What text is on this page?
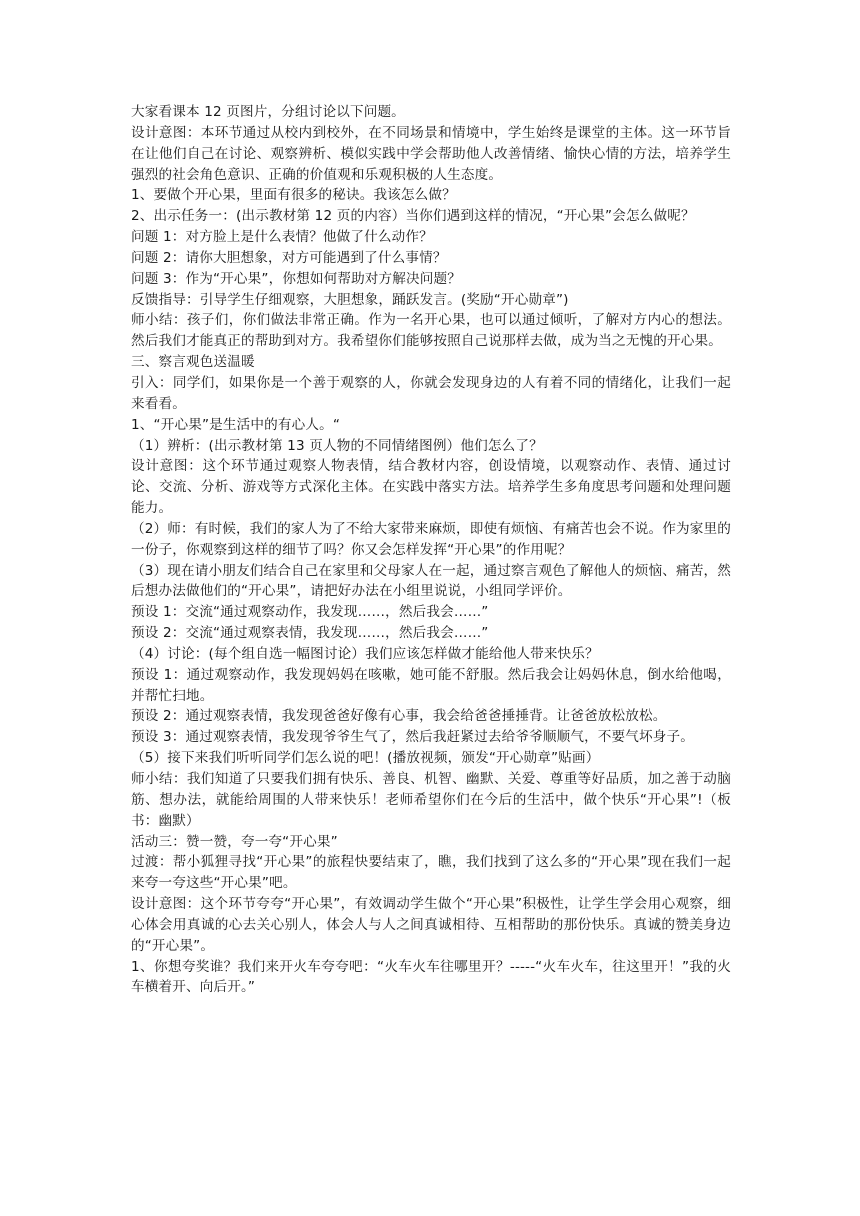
大家看课本 12 页图片，分组讨论以下问题。

设计意图：本环节通过从校内到校外，在不同场景和情境中，学生始终是课堂的主体。这一环节旨在让他们自己在讨论、观察辨析、模似实践中学会帮助他人改善情绪、愉快心情的方法，培养学生强烈的社会角色意识、正确的价值观和乐观积极的人生态度。

1、要做个开心果，里面有很多的秘诀。我该怎么做？

2、出示任务一：(出示教材第 12 页的内容）当你们遇到这样的情况，“开心果”会怎么做呢？

问题 1：对方脸上是什么表情？他做了什么动作？

问题 2：请你大胆想象，对方可能遇到了什么事情？

问题 3：作为“开心果”，你想如何帮助对方解决问题？

反馈指导：引导学生仔细观察，大胆想象，踊跃发言。(奖励“开心勋章”)

师小结：孩子们，你们做法非常正确。作为一名开心果，也可以通过倾听，了解对方内心的想法。然后我们才能真正的帮助到对方。我希望你们能够按照自己说那样去做，成为当之无愧的开心果。

三、察言观色送温暖

引入：同学们，如果你是一个善于观察的人，你就会发现身边的人有着不同的情绪化，让我们一起来看看。

1、“开心果”是生活中的有心人。“

（1）辨析：(出示教材第 13 页人物的不同情绪图例）他们怎么了？

设计意图：这个环节通过观察人物表情，结合教材内容，创设情境，以观察动作、表情、通过讨论、交流、分析、游戏等方式深化主体。在实践中落实方法。培养学生多角度思考问题和处理问题能力。

（2）师：有时候，我们的家人为了不给大家带来麻烦，即使有烦恼、有痛苦也会不说。作为家里的一份子，你观察到这样的细节了吗？你又会怎样发挥“开心果”的作用呢？

（3）现在请小朋友们结合自己在家里和父母家人在一起，通过察言观色了解他人的烦恼、痛苦，然后想办法做他们的“开心果”，请把好办法在小组里说说，小组同学评价。

预设 1：交流“通过观察动作，我发现……，然后我会……”

预设 2：交流“通过观察表情，我发现……，然后我会……”

（4）讨论：(每个组自选一幅图讨论）我们应该怎样做才能给他人带来快乐？

预设 1：通过观察动作，我发现妈妈在咳嗽，她可能不舒服。然后我会让妈妈休息，倒水给他喝，并帮忙扫地。

预设 2：通过观察表情，我发现爸爸好像有心事，我会给爸爸捶捶背。让爸爸放松放松。

预设 3：通过观察表情，我发现爷爷生气了，然后我赶紧过去给爷爷顺顺气，不要气坏身子。

（5）接下来我们听听同学们怎么说的吧！(播放视频，颁发“开心勋章”贴画）

师小结：我们知道了只要我们拥有快乐、善良、机智、幽默、关爱、尊重等好品质，加之善于动脑筋、想办法，就能给周围的人带来快乐！老师希望你们在今后的生活中，做个快乐“开心果”!（板书：幽默）

活动三：赞一赞，夸一夸“开心果”

过渡：帮小狐狸寻找“开心果”的旅程快要结束了，瞧，我们找到了这么多的“开心果”现在我们一起来夸一夸这些“开心果”吧。

设计意图：这个环节夸夸“开心果”，有效调动学生做个“开心果”积极性，让学生学会用心观察，细心体会用真诚的心去关心别人，体会人与人之间真诚相待、互相帮助的那份快乐。真诚的赞美身边的“开心果”。

1、你想夸奖谁？我们来开火车夸夸吧：“火车火车往哪里开？-----“火车火车，往这里开！”我的火车横着开、向后开。”
